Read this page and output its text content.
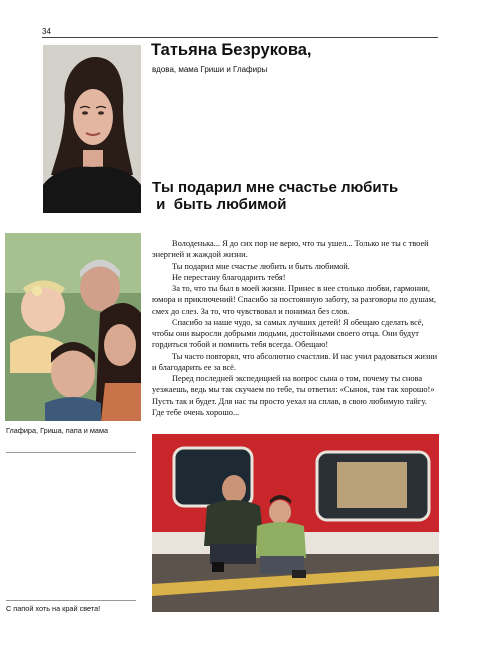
34
Татьяна Безрукова,
вдова, мама Гриши и Глафиры
Ты подарил мне счастье любить
и  быть любимой
Глафира, Гриша, папа и мама

Володенька... Я до сих пор не верю, что ты ушел... Только не ты с твоей энергией и жаждой жизни.

Ты подарил мне счастье любить и быть любимой.

Не перестану благодарить тебя!

За то, что ты был в моей жизни. Принес в нее столько любви, гармонии, юмора и приключений! Спасибо за постоянную заботу, за разговоры по душам, смех до слез. За то, что чувствовал и понимал без слов.

Спасибо за наше чудо, за самых лучших детей! Я обещаю сделать всё, чтобы они выросли добрыми людьми, достойными своего отца. Они будут гордиться тобой и помнить тебя всегда. Обещаю!

Ты часто повторял, что абсолютно счастлив. И нас учил радоваться жизни и благодарить ее за всё.

Перед последней экспедицией на вопрос сына о том, почему ты снова уезжаешь, ведь мы так скучаем по тебе, ты ответил: «Сынок, там так хорошо!» Пусть так и будет. Для нас ты просто уехал на сплав, в свою любимую тайгу. Где тебе очень хорошо...

С папой хоть на край света!
